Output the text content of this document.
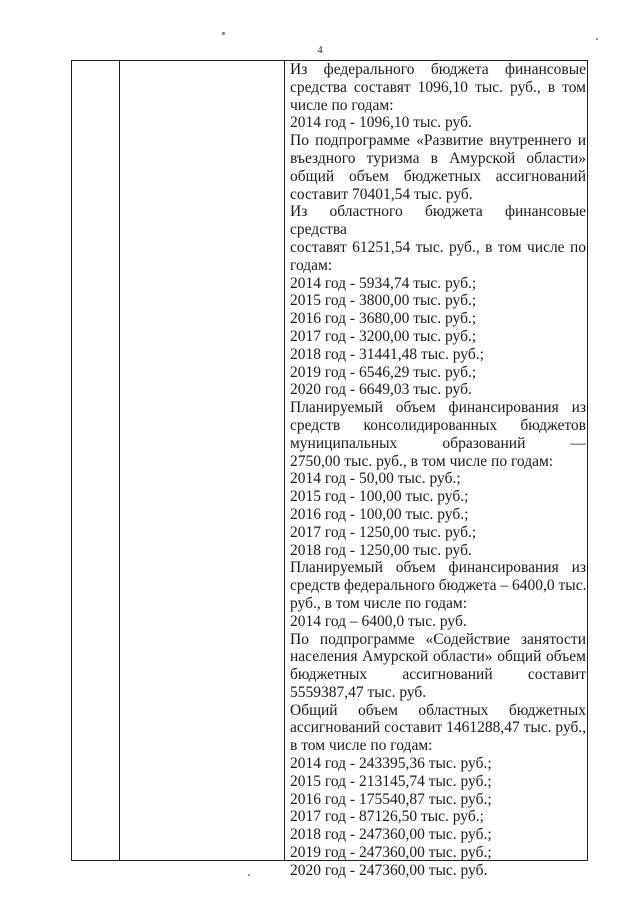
4
Из федерального бюджета финансовые
средства составят 1096,10 тыс. руб., в том
числе по годам:
2014 год - 1096,10 тыс. руб.
По подпрограмме «Развитие внутреннего и
въездного туризма в Амурской области»
общий объем бюджетных ассигнований
составит 70401,54 тыс. руб.
Из областного бюджета финансовые
средства
составят 61251,54 тыс. руб., в том числе по
годам:
2014 год - 5934,74 тыс. руб.;
2015 год - 3800,00 тыс. руб.;
2016 год - 3680,00 тыс. руб.;
2017 год - 3200,00 тыс. руб.;
2018 год - 31441,48 тыс. руб.;
2019 год - 6546,29 тыс. руб.;
2020 год - 6649,03 тыс. руб.
Планируемый объем финансирования из
средств консолидированных бюджетов
муниципальных образований —
2750,00 тыс. руб., в том числе по годам:
2014 год - 50,00 тыс. руб.;
2015 год - 100,00 тыс. руб.;
2016 год - 100,00 тыс. руб.;
2017 год - 1250,00 тыс. руб.;
2018 год - 1250,00 тыс. руб.
Планируемый объем финансирования из
средств федерального бюджета – 6400,0 тыс.
руб., в том числе по годам:
2014 год – 6400,0 тыс. руб.
По подпрограмме «Содействие занятости
населения Амурской области» общий объем
бюджетных ассигнований составит
5559387,47 тыс. руб.
Общий объем областных бюджетных
ассигнований составит 1461288,47 тыс. руб.,
в том числе по годам:
2014 год - 243395,36 тыс. руб.;
2015 год - 213145,74 тыс. руб.;
2016 год - 175540,87 тыс. руб.;
2017 год - 87126,50 тыс. руб.;
2018 год - 247360,00 тыс. руб.;
2019 год - 247360,00 тыс. руб.;
2020 год - 247360,00 тыс. руб.
